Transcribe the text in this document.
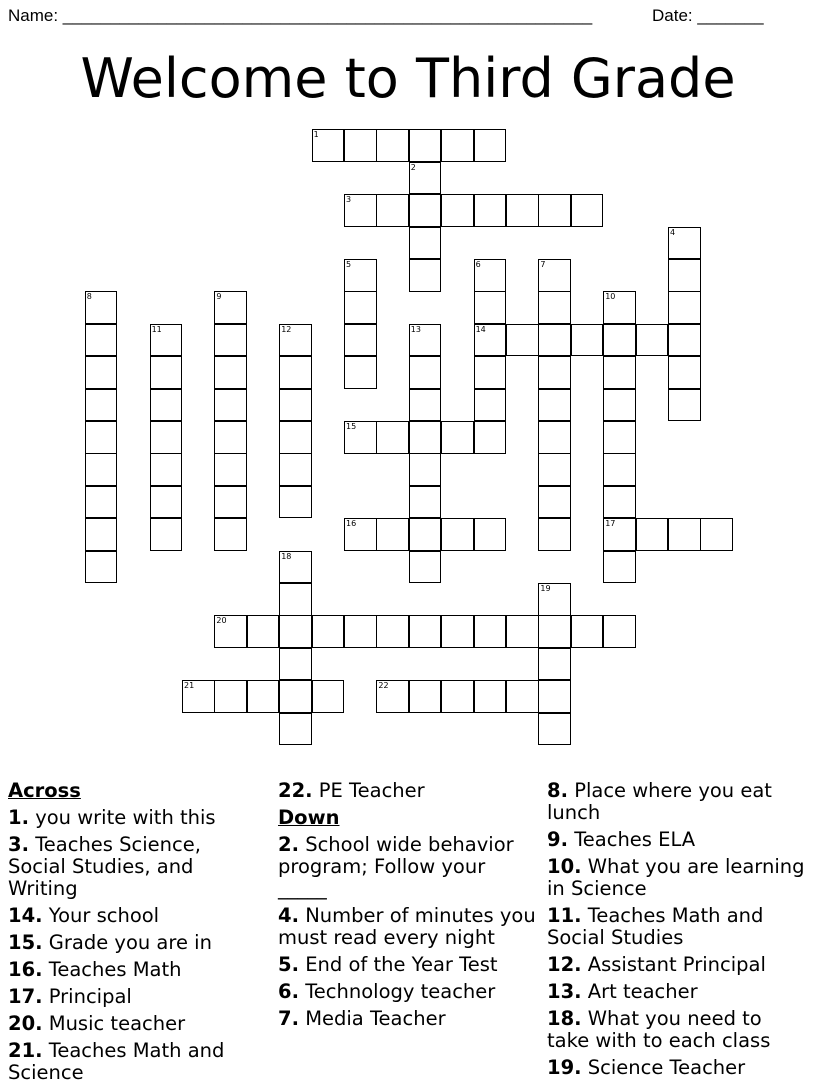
Name: ________________________________________________________	Date: _______
Welcome to Third Grade
1
2
3
4
5	6	7
8	9	10
11	12	13	14
15
16	17
18
19
20
21	22
Across
1. you write with this
3. Teaches Science, Social Studies, and Writing
14. Your school
15. Grade you are in
16. Teaches Math
17. Principal
20. Music teacher
21. Teaches Math and Science
22. PE Teacher
Down
2. School wide behavior program; Follow your _____
4. Number of minutes you must read every night
5. End of the Year Test
6. Technology teacher
7. Media Teacher
8. Place where you eat lunch
9. Teaches ELA
10. What you are learning in Science
11. Teaches Math and Social Studies
12. Assistant Principal
13. Art teacher
18. What you need to take with to each class
19. Science Teacher
